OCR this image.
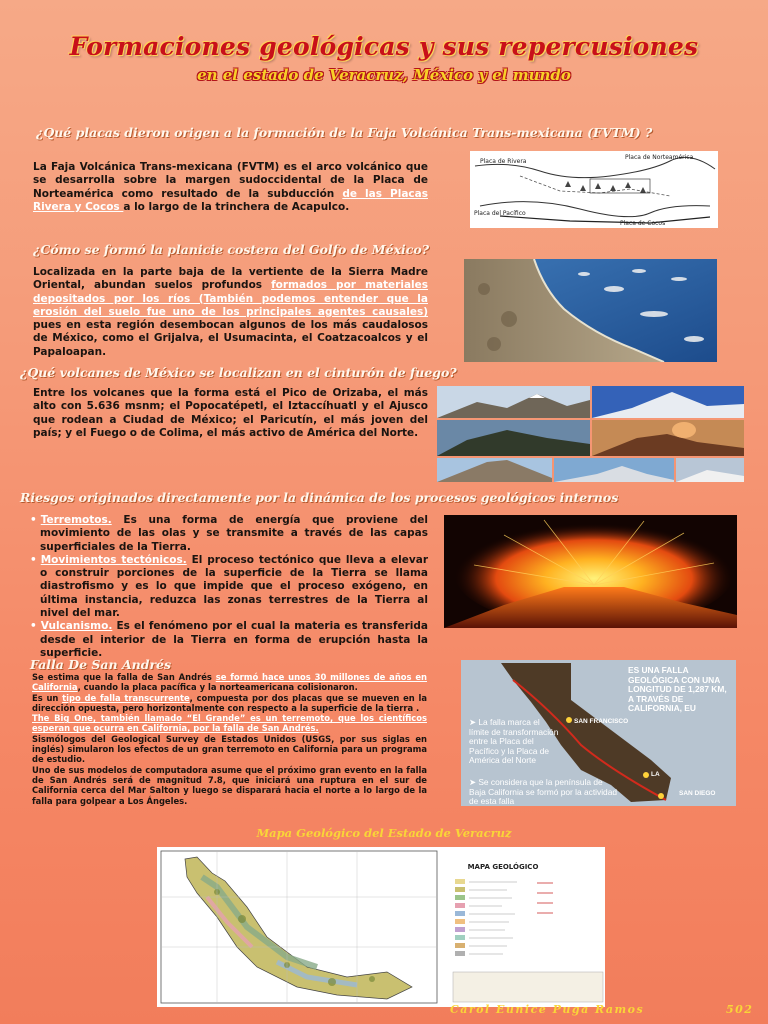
Formaciones geológicas y sus repercusiones
en el estado de Veracruz, México y el mundo
¿Qué placas dieron origen a la formación de la Faja Volcánica Trans-mexicana (FVTM) ?
La Faja Volcánica Trans-mexicana (FVTM) es el arco volcánico que se desarrolla sobre la margen sudoccidental de la Placa de Norteamérica como resultado de la subducción de las Placas Rivera y Cocos a lo largo de la trinchera de Acapulco.
Placa de Rivera
Placa de Norteamérica
Placa del Pacífico
Placa de Cocos
¿Cómo se formó la planicie costera del Golfo de México?
Localizada en la parte baja de la vertiente de la Sierra Madre Oriental, abundan suelos profundos formados por materiales depositados por los ríos (También podemos entender que la erosión del suelo fue uno de los principales agentes causales) pues en esta región desembocan algunos de los más caudalosos de México, como el Grijalva, el Usumacinta, el Coatzacoalcos y el Papaloapan.
¿Qué volcanes de México se localizan en el cinturón de fuego?
Entre los volcanes que la forma está el Pico de Orizaba, el más alto con 5.636 msnm; el Popocatépetl, el Iztaccíhuatl y el Ajusco que rodean a Ciudad de México; el Paricutín, el más joven del país; y el Fuego o de Colima, el más activo de América del Norte.
Riesgos originados directamente por la dinámica de los procesos geológicos internos
• Terremotos. Es una forma de energía que proviene del movimiento de las olas y se transmite a través de las capas superficiales de la Tierra.
• Movimientos tectónicos. El proceso tectónico que lleva a elevar o construir porciones de la superficie de la Tierra se llama diastrofismo y es lo que impide que el proceso exógeno, en última instancia, reduzca las zonas terrestres de la Tierra al nivel del mar.
• Vulcanismo. Es el fenómeno por el cual la materia es transferida desde el interior de la Tierra en forma de erupción hasta la superficie.
Falla De San Andrés
Se estima que la falla de San Andrés se formó hace unos 30 millones de años en California, cuando la placa pacífica y la norteamericana colisionaron.
Es un tipo de falla transcurrente, compuesta por dos placas que se mueven en la dirección opuesta, pero horizontalmente con respecto a la superficie de la tierra .
The Big One, también llamado “El Grande” es un terremoto, que los científicos esperan que ocurra en California, por la falla de San Andrés.
Sismólogos del Geological Survey de Estados Unidos (USGS, por sus siglas en inglés) simularon los efectos de un gran terremoto en California para un programa de estudio.
Uno de sus modelos de computadora asume que el próximo gran evento en la falla de San Andrés será de magnitud 7.8, que iniciará una ruptura en el sur de California cerca del Mar Salton y luego se disparará hacia el norte a lo largo de la falla para golpear a Los Ángeles.
ES UNA FALLA GEOLÓGICA CON UNA LONGITUD DE 1,287 KM, A TRAVÉS DE CALIFORNIA, EU
➤ La falla marca el límite de transformación entre la Placa del Pacífico y la Placa de América del Norte
➤ Se considera que la península de Baja California se formó por la actividad de esta falla
SAN FRANCISCO
LA
SAN DIEGO
Mapa Geológico del Estado de Veracruz
MAPA GEOLÓGICO
Carol Eunice Puga Ramos	502
